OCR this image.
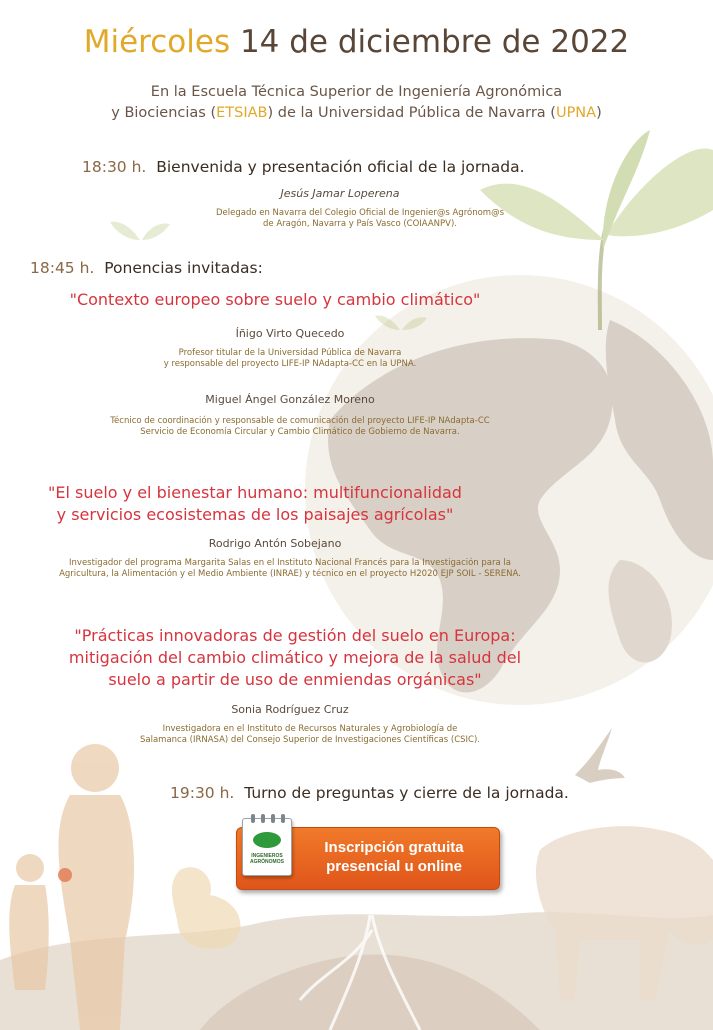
Miércoles 14 de diciembre de 2022
En la Escuela Técnica Superior de Ingeniería Agronómica
y Biociencias (ETSIAB) de la Universidad Pública de Navarra (UPNA)
18:30 h. Bienvenida y presentación oficial de la jornada.
Jesús Jamar Loperena
Delegado en Navarra del Colegio Oficial de Ingenier@s Agrónom@s
de Aragón, Navarra y País Vasco (COIAANPV).
18:45 h. Ponencias invitadas:
"Contexto europeo sobre suelo y cambio climático"
Íñigo Virto Quecedo
Profesor titular de la Universidad Pública de Navarra
y responsable del proyecto LIFE-IP NAdapta-CC en la UPNA.
Miguel Ángel González Moreno
Técnico de coordinación y responsable de comunicación del proyecto LIFE-IP NAdapta-CC
Servicio de Economía Circular y Cambio Climático de Gobierno de Navarra.
"El suelo y el bienestar humano: multifuncionalidad
y servicios ecosistemas de los paisajes agrícolas"
Rodrigo Antón Sobejano
Investigador del programa Margarita Salas en el Instituto Nacional Francés para la Investigación para la
Agricultura, la Alimentación y el Medio Ambiente (INRAE) y técnico en el proyecto H2020 EJP SOIL - SERENA.
"Prácticas innovadoras de gestión del suelo en Europa:
mitigación del cambio climático y mejora de la salud del
suelo a partir de uso de enmiendas orgánicas"
Sonia Rodríguez Cruz
Investigadora en el Instituto de Recursos Naturales y Agrobiología de
Salamanca (IRNASA) del Consejo Superior de Investigaciones Científicas (CSIC).
19:30 h. Turno de preguntas y cierre de la jornada.
Inscripción gratuita
presencial u online
INGENIEROS AGRÓNOMOS
